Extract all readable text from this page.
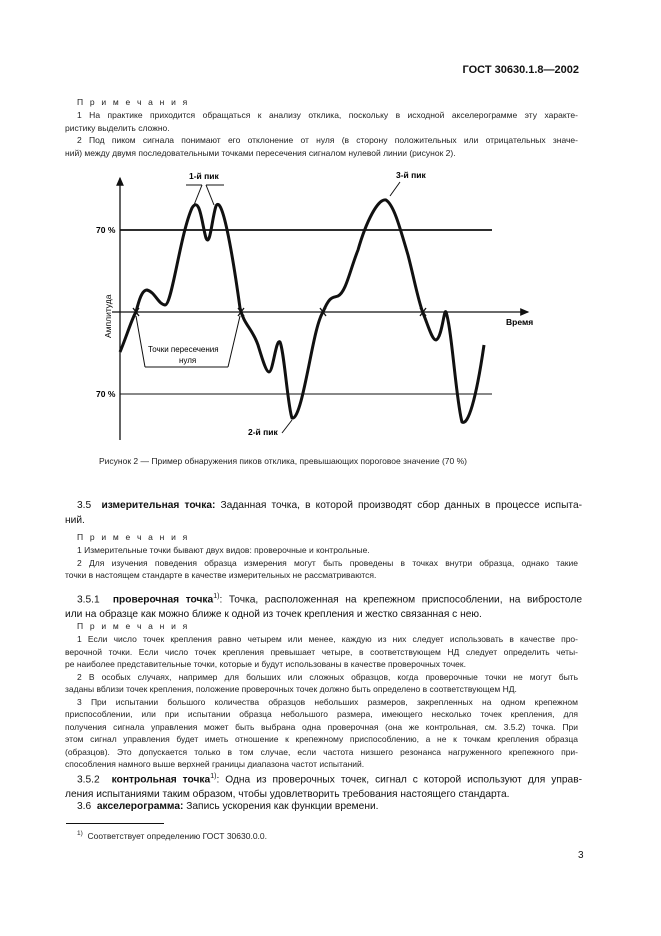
ГОСТ 30630.1.8—2002
П р и м е ч а н и я
1 На практике приходится обращаться к анализу отклика, поскольку в исходной акселерограмме эту характе-
ристику выделить сложно.
2 Под пиком сигнала понимают его отклонение от нуля (в сторону положительных или отрицательных значе-
ний) между двумя последовательными точками пересечения сигналом нулевой линии (рисунок 2).
70 %
70 %
1-й пик	3-й пик
2-й пик
Амплитуда	Время
Точки пересечения
нуля
Рисунок 2 — Пример обнаружения пиков отклика, превышающих пороговое значение (70 %)
3.5 измерительная точка: Заданная точка, в которой производят сбор данных в процессе испыта-
ний.
П р и м е ч а н и я
1 Измерительные точки бывают двух видов: проверочные и контрольные.
2 Для изучения поведения образца измерения могут быть проведены в точках внутри образца, однако такие
точки в настоящем стандарте в качестве измерительных не рассматриваются.
3.5.1 проверочная точка$^{1)}$: Точка, расположенная на крепежном приспособлении, на вибростоле
или на образце как можно ближе к одной из точек крепления и жестко связанная с нею.
П р и м е ч а н и я
1 Если число точек крепления равно четырем или менее, каждую из них следует использовать в качестве про-
верочной точки. Если число точек крепления превышает четыре, в соответствующем НД следует определить четы-
ре наиболее представительные точки, которые и будут использованы в качестве проверочных точек.
2 В особых случаях, например для больших или сложных образцов, когда проверочные точки не могут быть
заданы вблизи точек крепления, положение проверочных точек должно быть определено в соответствующем НД.
3 При испытании большого количества образцов небольших размеров, закрепленных на одном крепежном
приспособлении, или при испытании образца небольшого размера, имеющего несколько точек крепления, для
получения сигнала управления может быть выбрана одна проверочная (она же контрольная, см. 3.5.2) точка. При
этом сигнал управления будет иметь отношение к крепежному приспособлению, а не к точкам крепления образца
(образцов). Это допускается только в том случае, если частота низшего резонанса нагруженного крепежного при-
способления намного выше верхней границы диапазона частот испытаний.
3.5.2 контрольная точка$^{1)}$: Одна из проверочных точек, сигнал с которой используют для управ-
ления испытаниями таким образом, чтобы удовлетворить требования настоящего стандарта.
3.6 акселерограмма: Запись ускорения как функции времени.
$^{1)}$ Соответствует определению ГОСТ 30630.0.0.
3
